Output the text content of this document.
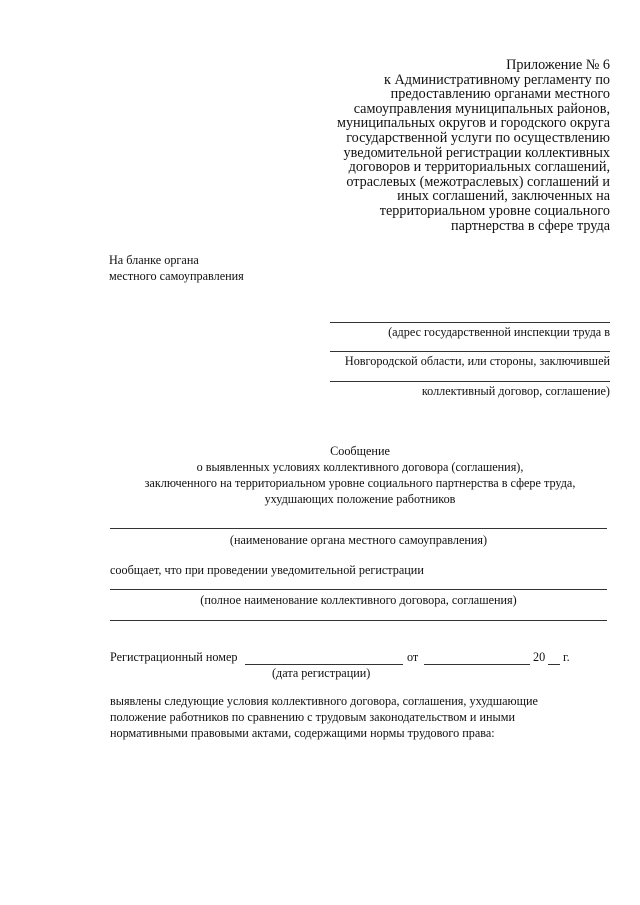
Приложение № 6
к Административному регламенту по
предоставлению органами местного
самоуправления муниципальных районов,
муниципальных округов и городского округа
государственной услуги по осуществлению
уведомительной регистрации коллективных
договоров и территориальных соглашений,
отраслевых (межотраслевых) соглашений и
иных соглашений, заключенных на
территориальном уровне социального
партнерства в сфере труда
На бланке органа
местного самоуправления
(адрес государственной инспекции труда в
Новгородской области, или стороны, заключившей
коллективный договор, соглашение)
Сообщение
о выявленных условиях коллективного договора (соглашения),
заключенного на территориальном уровне социального партнерства в сфере труда,
ухудшающих положение работников
(наименование органа местного самоуправления)
сообщает, что при проведении уведомительной регистрации
(полное наименование коллективного договора, соглашения)
Регистрационный номер	от	20 г.
(дата регистрации)
выявлены следующие условия коллективного договора, соглашения, ухудшающие
положение работников по сравнению с трудовым законодательством и иными
нормативными правовыми актами, содержащими нормы трудового права:
